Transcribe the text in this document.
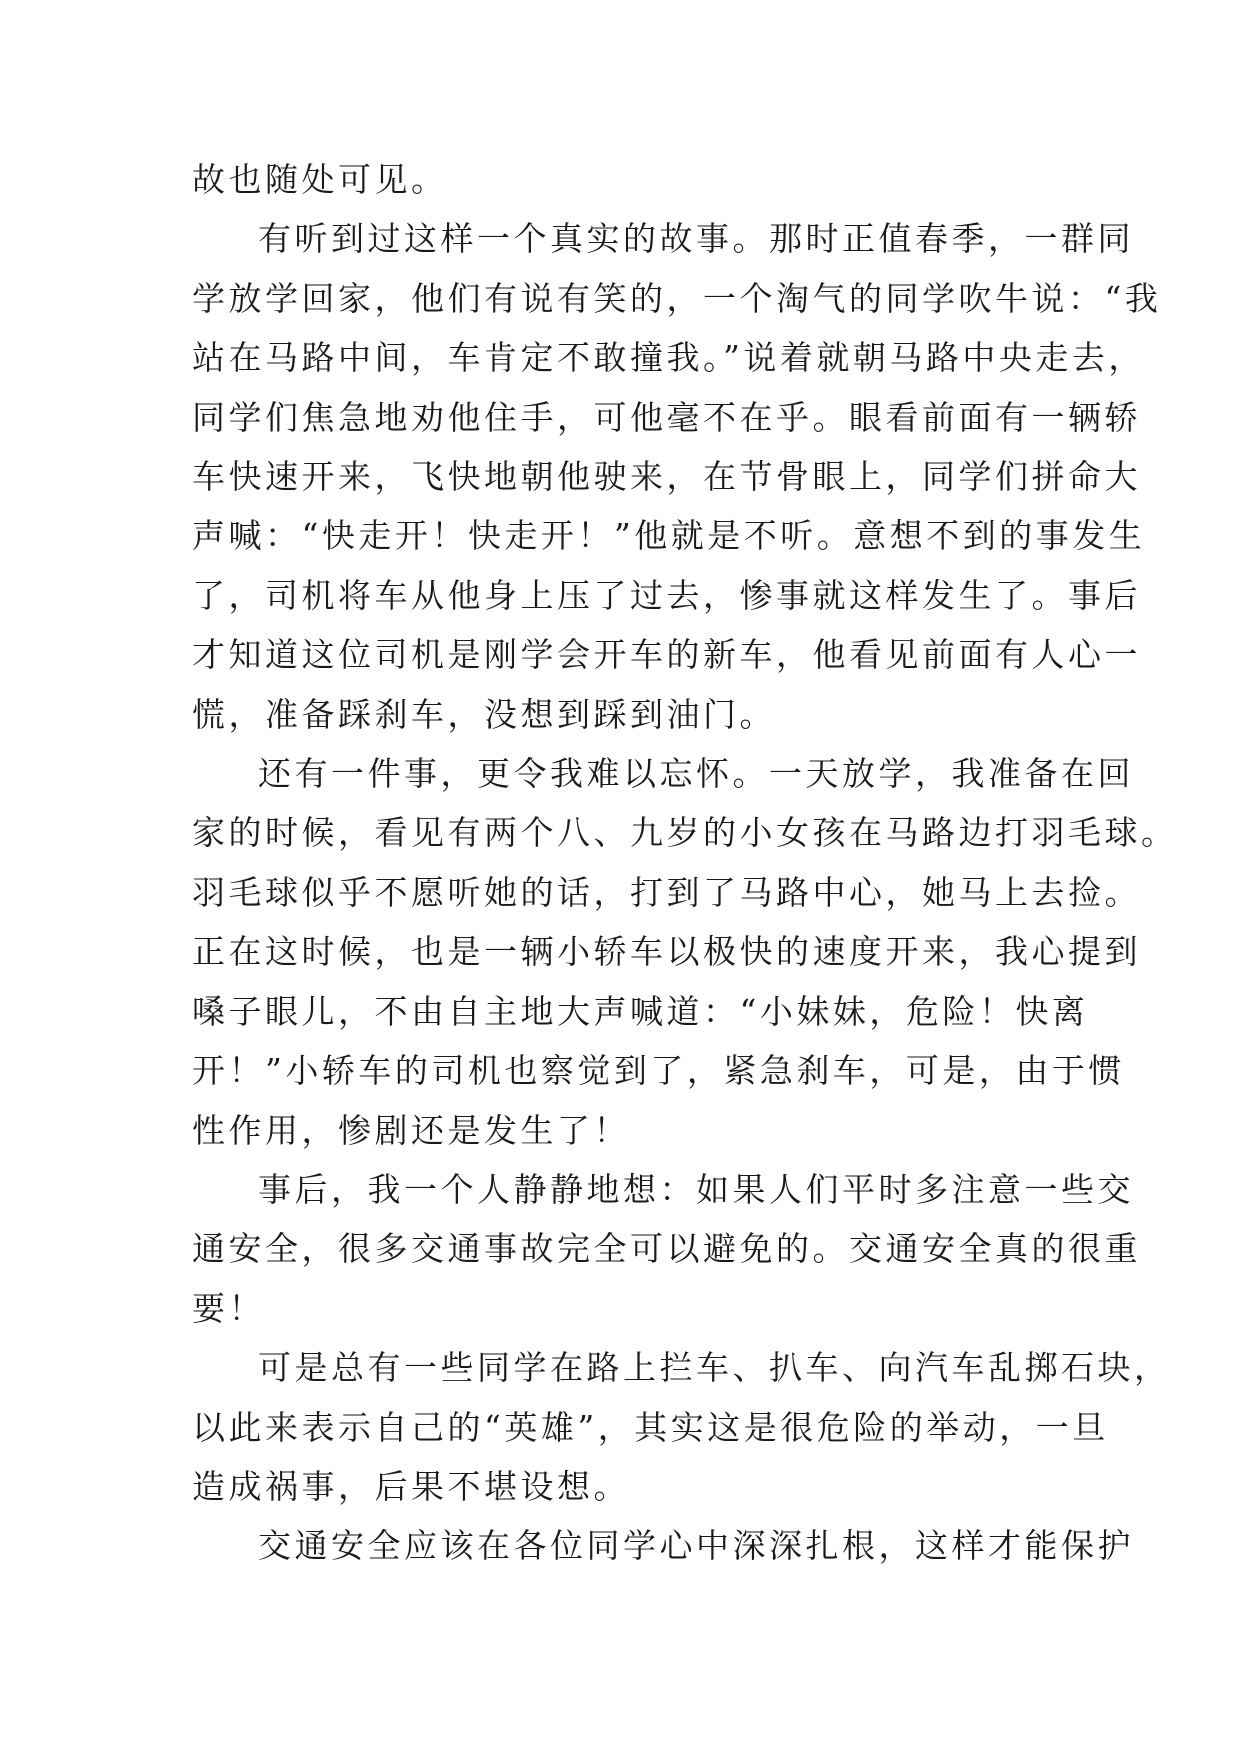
故也随处可见。

有听到过这样一个真实的故事。那时正值春季，一群同
学放学回家，他们有说有笑的，一个淘气的同学吹牛说：“我
站在马路中间，车肯定不敢撞我。”说着就朝马路中央走去，
同学们焦急地劝他住手，可他毫不在乎。眼看前面有一辆轿
车快速开来，飞快地朝他驶来，在节骨眼上，同学们拼命大
声喊：“快走开！快走开！”他就是不听。意想不到的事发生
了，司机将车从他身上压了过去，惨事就这样发生了。事后
才知道这位司机是刚学会开车的新车，他看见前面有人心一
慌，准备踩刹车，没想到踩到油门。

还有一件事，更令我难以忘怀。一天放学，我准备在回
家的时候，看见有两个八、九岁的小女孩在马路边打羽毛球。
羽毛球似乎不愿听她的话，打到了马路中心，她马上去捡。
正在这时候，也是一辆小轿车以极快的速度开来，我心提到
嗓子眼儿，不由自主地大声喊道：“小妹妹，危险！快离
开！”小轿车的司机也察觉到了，紧急刹车，可是，由于惯
性作用，惨剧还是发生了！

事后，我一个人静静地想：如果人们平时多注意一些交
通安全，很多交通事故完全可以避免的。交通安全真的很重
要！

可是总有一些同学在路上拦车、扒车、向汽车乱掷石块，
以此来表示自己的“英雄”，其实这是很危险的举动，一旦
造成祸事，后果不堪设想。

交通安全应该在各位同学心中深深扎根，这样才能保护
